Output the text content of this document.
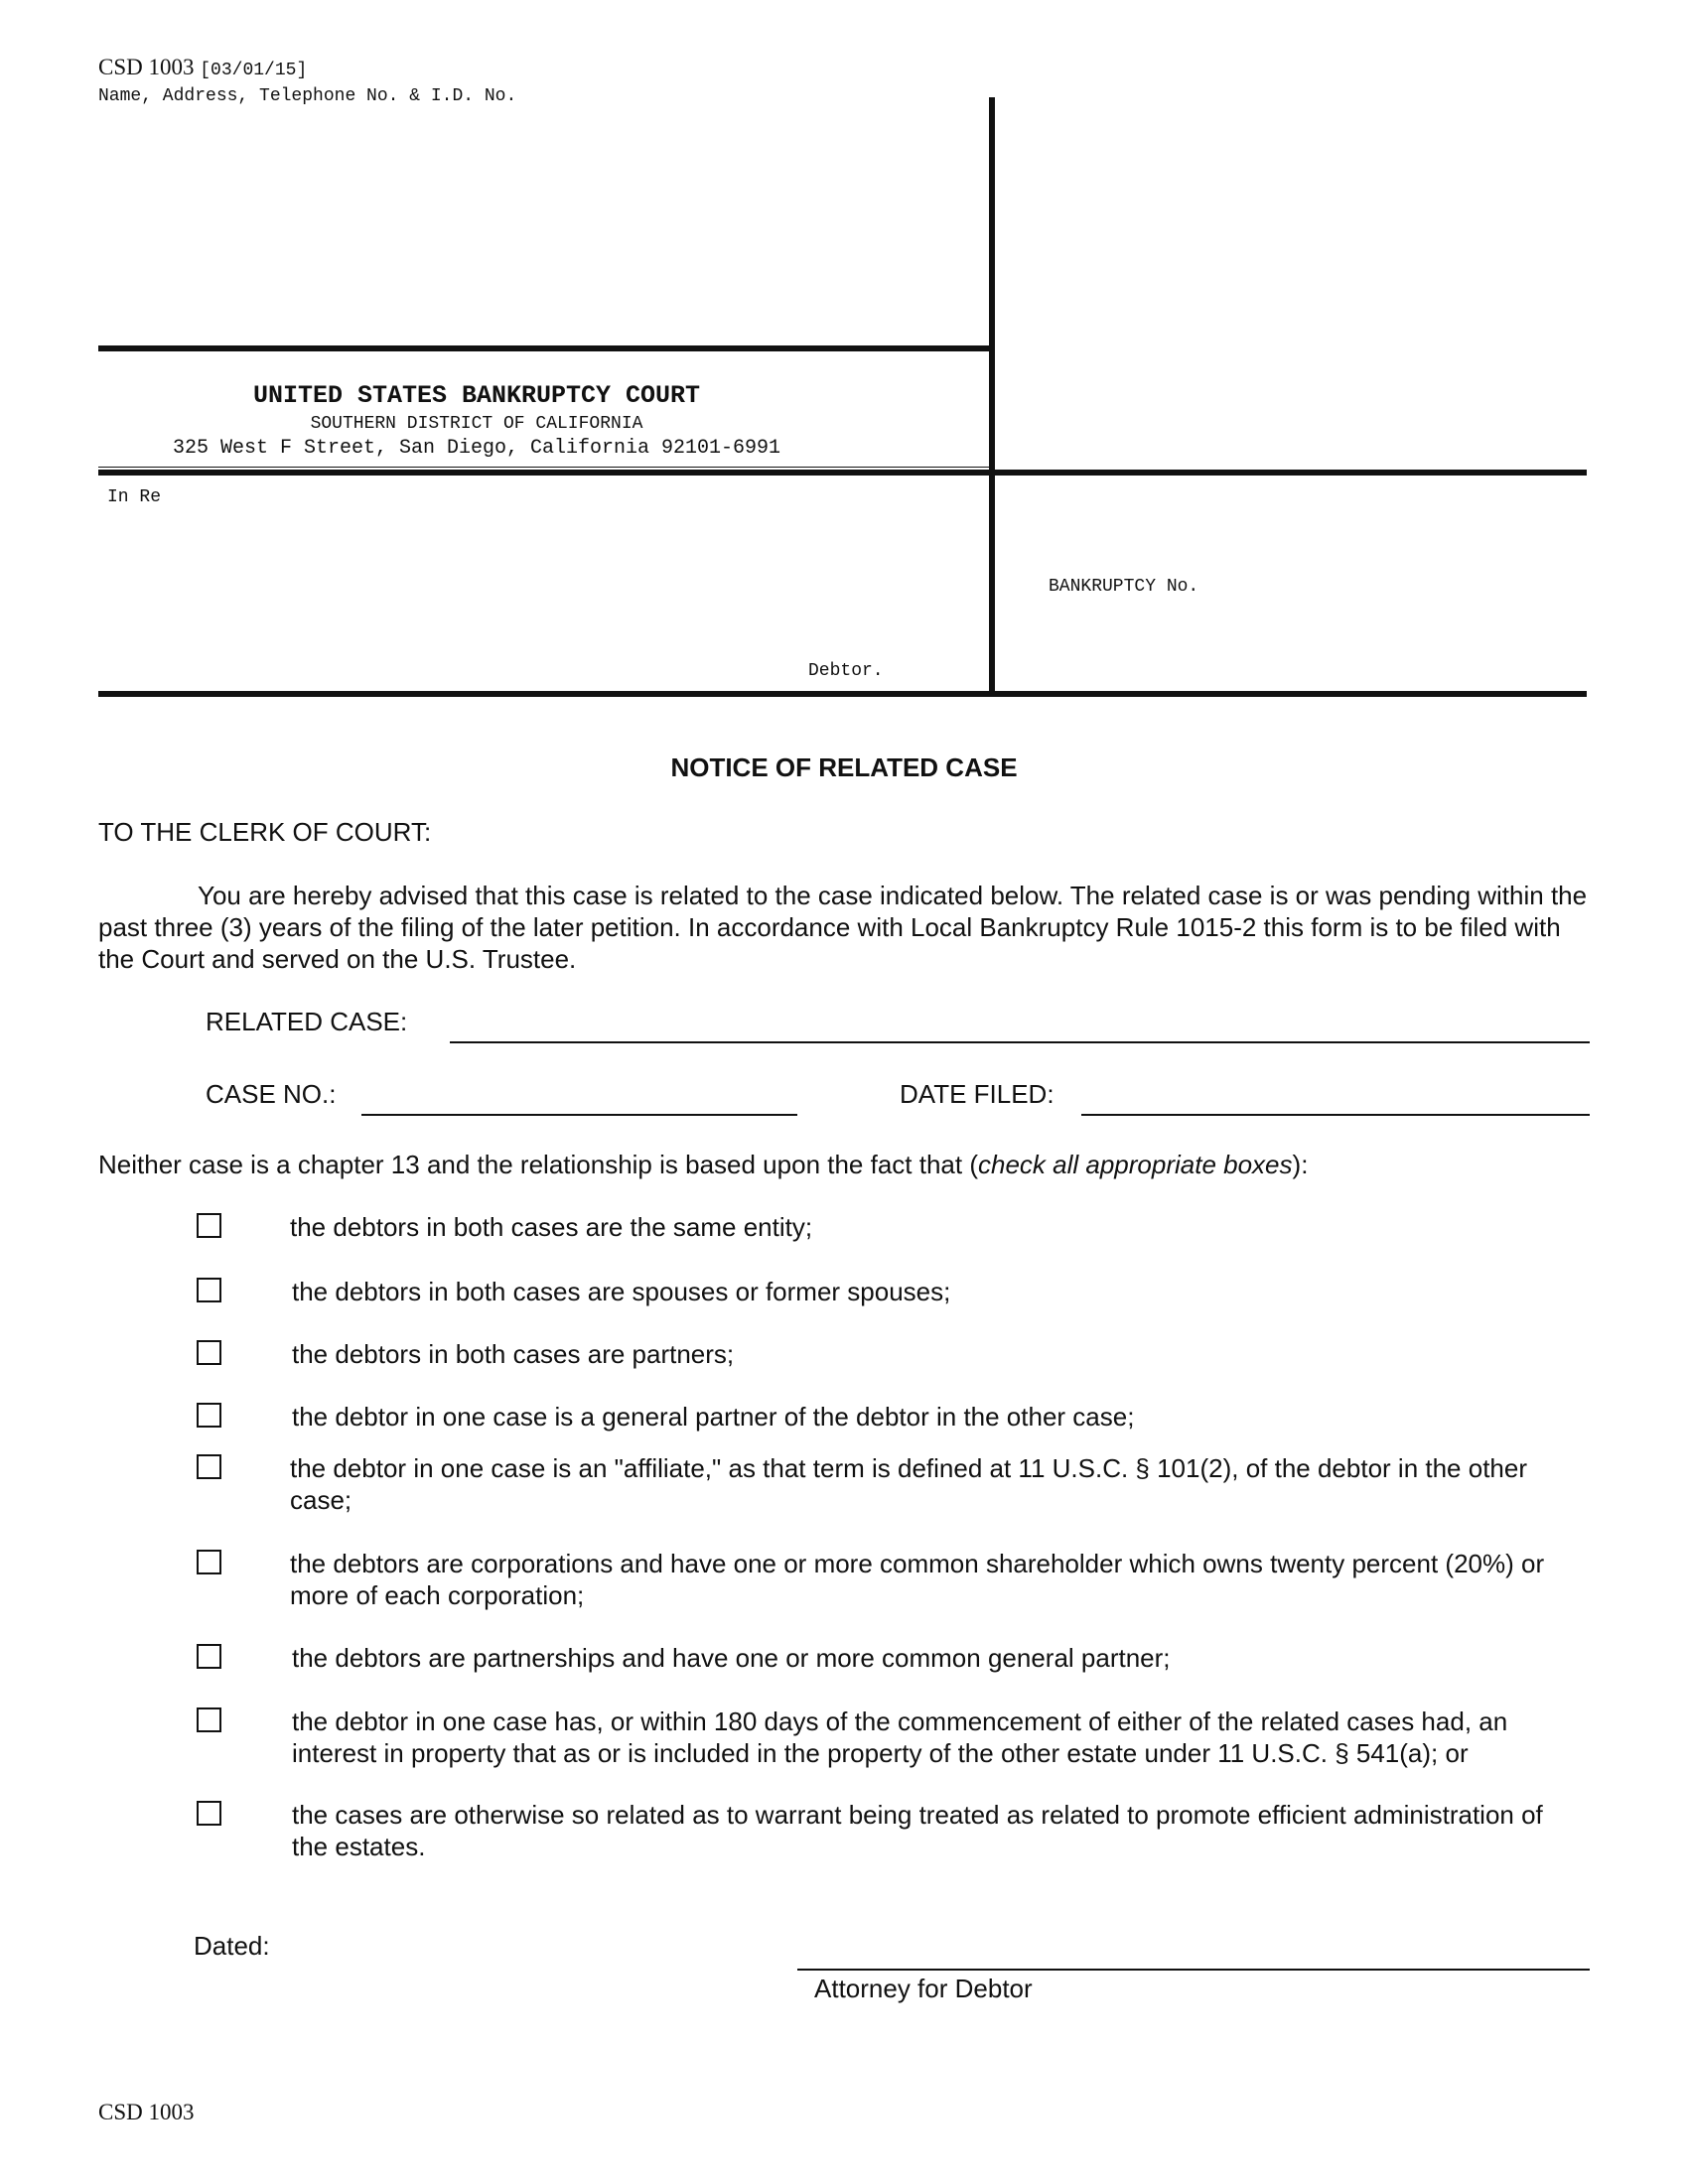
CSD 1003 [03/01/15]
Name, Address, Telephone No. & I.D. No.
UNITED STATES BANKRUPTCY COURT
SOUTHERN DISTRICT OF CALIFORNIA
325 West F Street, San Diego, California 92101-6991
In Re
Debtor.
BANKRUPTCY No.
NOTICE OF RELATED CASE
TO THE CLERK OF COURT:
You are hereby advised that this case is related to the case indicated below. The related case is or was pending within the past three (3) years of the filing of the later petition. In accordance with Local Bankruptcy Rule 1015-2 this form is to be filed with the Court and served on the U.S. Trustee.
RELATED CASE:
CASE NO.:	DATE FILED:
Neither case is a chapter 13 and the relationship is based upon the fact that (check all appropriate boxes):
the debtors in both cases are the same entity;
the debtors in both cases are spouses or former spouses;
the debtors in both cases are partners;
the debtor in one case is a general partner of the debtor in the other case;
the debtor in one case is an "affiliate," as that term is defined at 11 U.S.C. § 101(2), of the debtor in the other case;
the debtors are corporations and have one or more common shareholder which owns twenty percent (20%) or more of each corporation;
the debtors are partnerships and have one or more common general partner;
the debtor in one case has, or within 180 days of the commencement of either of the related cases had, an interest in property that as or is included in the property of the other estate under 11 U.S.C. § 541(a); or
the cases are otherwise so related as to warrant being treated as related to promote efficient administration of the estates.
Dated:
Attorney for Debtor
CSD 1003
